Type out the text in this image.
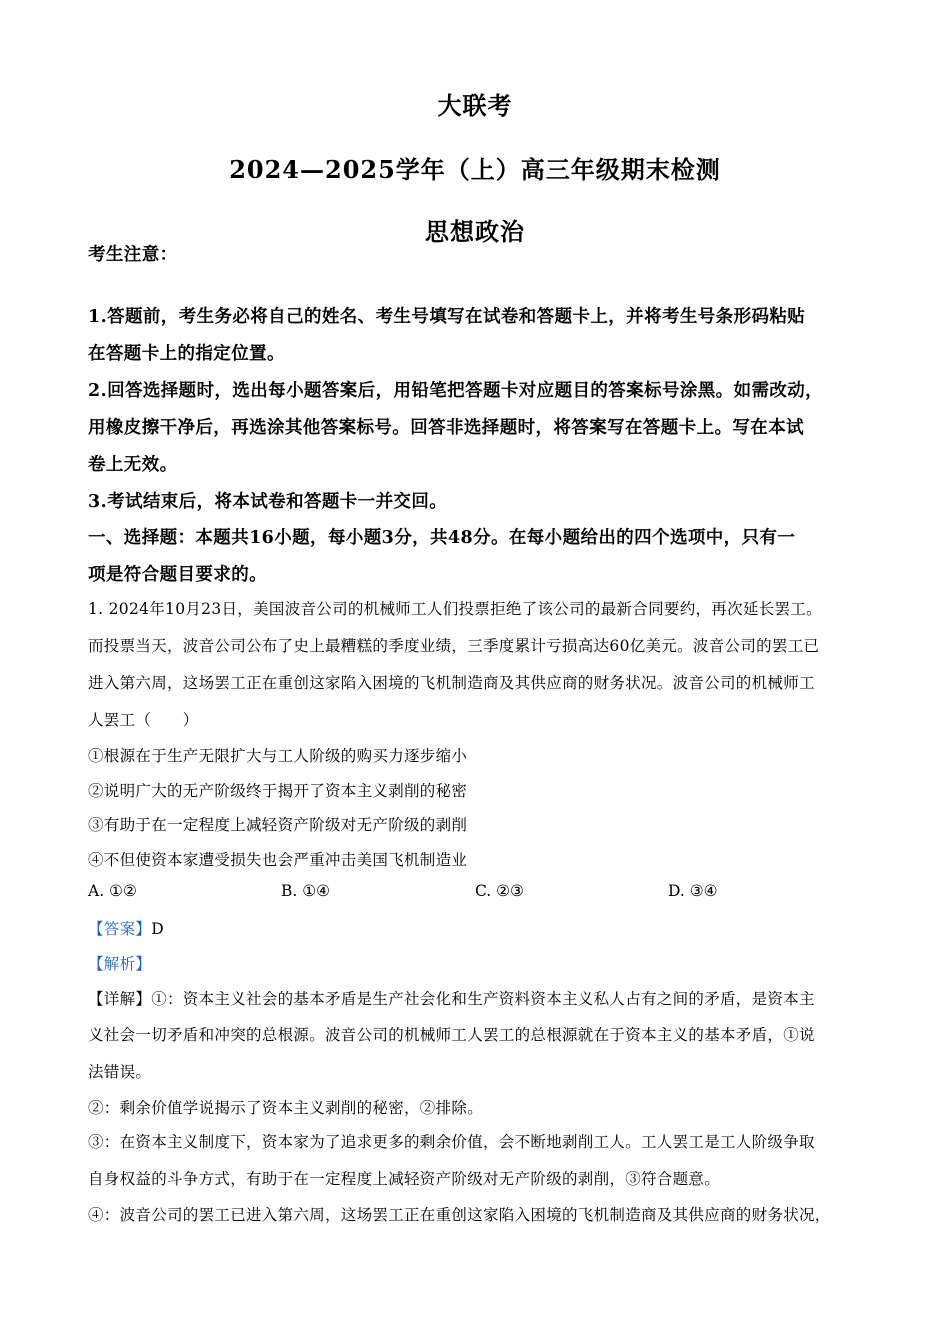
大联考
2024—2025学年（上）高三年级期末检测
思想政治
考生注意：
1.答题前，考生务必将自己的姓名、考生号填写在试卷和答题卡上，并将考生号条形码粘贴
在答题卡上的指定位置。
2.回答选择题时，选出每小题答案后，用铅笔把答题卡对应题目的答案标号涂黑。如需改动，
用橡皮擦干净后，再选涂其他答案标号。回答非选择题时，将答案写在答题卡上。写在本试
卷上无效。
3.考试结束后，将本试卷和答题卡一并交回。
一、选择题：本题共16小题，每小题3分，共48分。在每小题给出的四个选项中，只有一
项是符合题目要求的。
1. 2024年10月23日，美国波音公司的机械师工人们投票拒绝了该公司的最新合同要约，再次延长罢工。
而投票当天，波音公司公布了史上最糟糕的季度业绩，三季度累计亏损高达60亿美元。波音公司的罢工已
进入第六周，这场罢工正在重创这家陷入困境的飞机制造商及其供应商的财务状况。波音公司的机械师工
人罢工（　　）
①根源在于生产无限扩大与工人阶级的购买力逐步缩小
②说明广大的无产阶级终于揭开了资本主义剥削的秘密
③有助于在一定程度上减轻资产阶级对无产阶级的剥削
④不但使资本家遭受损失也会严重冲击美国飞机制造业
A. ①②	B. ①④	C. ②③	D. ③④
【答案】D
【解析】
【详解】①：资本主义社会的基本矛盾是生产社会化和生产资料资本主义私人占有之间的矛盾，是资本主
义社会一切矛盾和冲突的总根源。波音公司的机械师工人罢工的总根源就在于资本主义的基本矛盾，①说
法错误。
②：剩余价值学说揭示了资本主义剥削的秘密，②排除。
③：在资本主义制度下，资本家为了追求更多的剩余价值，会不断地剥削工人。工人罢工是工人阶级争取
自身权益的斗争方式，有助于在一定程度上减轻资产阶级对无产阶级的剥削，③符合题意。
④：波音公司的罢工已进入第六周，这场罢工正在重创这家陷入困境的飞机制造商及其供应商的财务状况，
